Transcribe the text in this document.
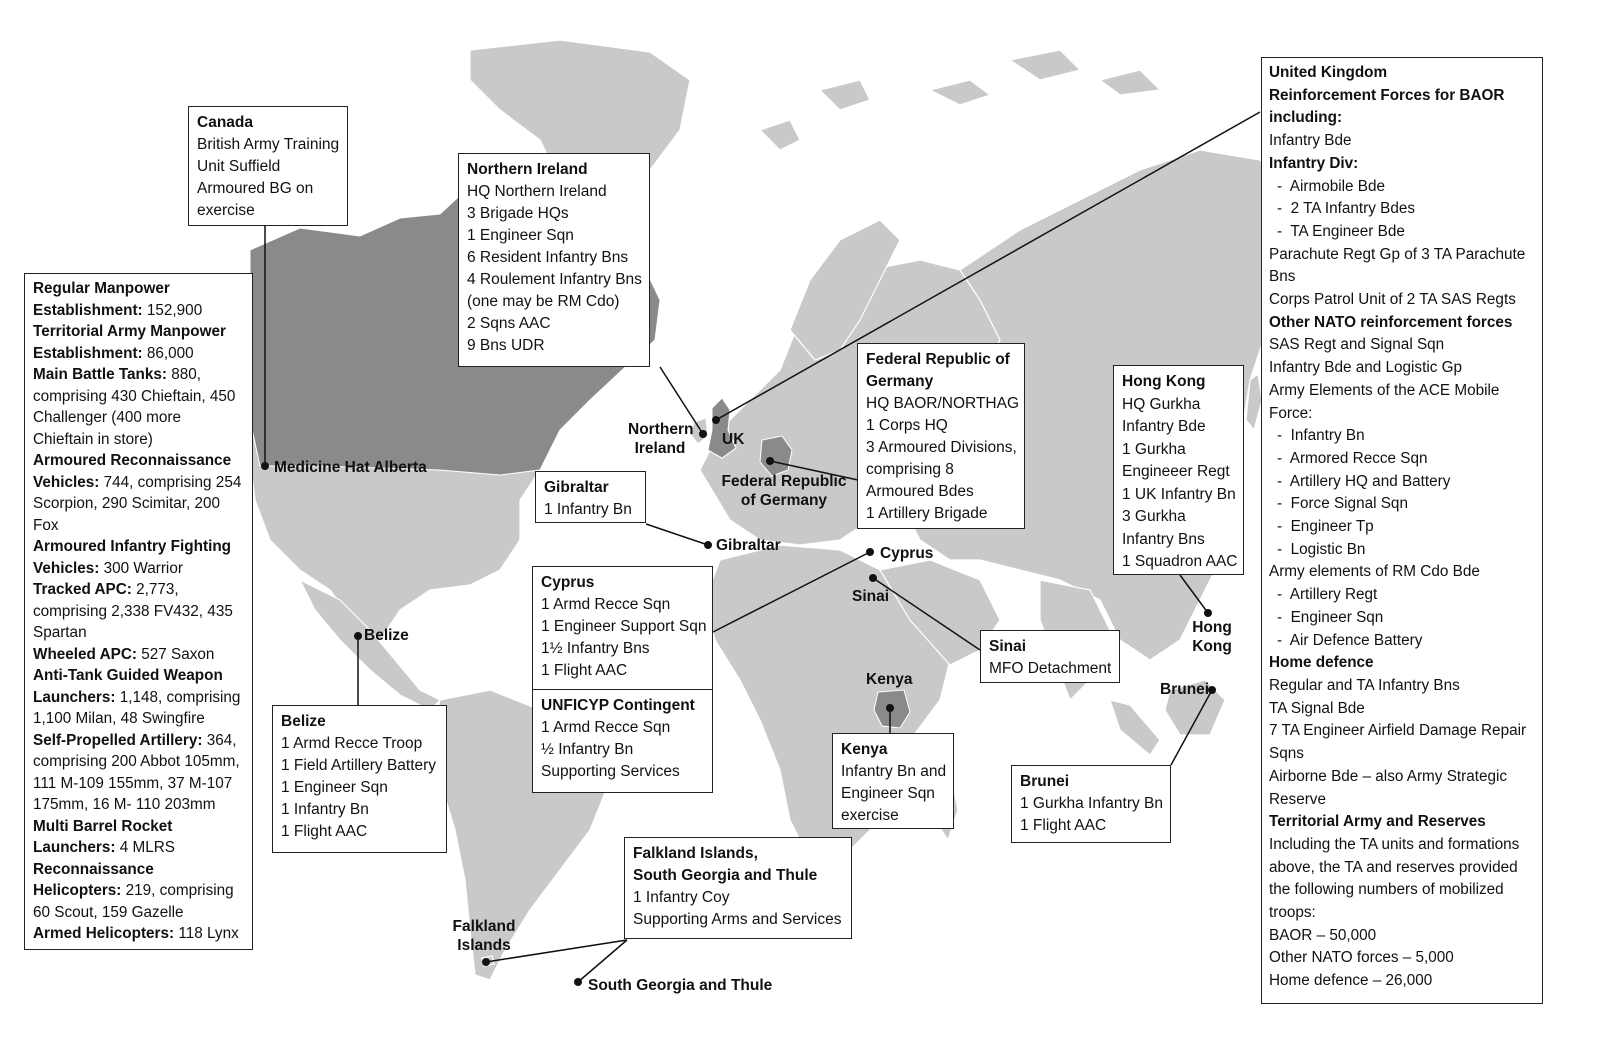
Medicine Hat Alberta
Belize
Northern Ireland
UK
Federal Republic of Germany
Gibraltar	Cyprus
Sinai
Kenya
Hong Kong
Brunei
Falkland Islands
South Georgia and Thule
Regular Manpower Establishment: 152,900
Territorial Army Manpower Establishment: 86,000
Main Battle Tanks: 880, comprising 430 Chieftain, 450 Challenger (400 more Chieftain in store)
Armoured Reconnaissance Vehicles: 744, comprising 254 Scorpion, 290 Scimitar, 200 Fox
Armoured Infantry Fighting Vehicles: 300 Warrior
Tracked APC: 2,773, comprising 2,338 FV432, 435 Spartan
Wheeled APC: 527 Saxon
Anti-Tank Guided Weapon Launchers: 1,148, comprising 1,100 Milan, 48 Swingfire
Self-Propelled Artillery: 364, comprising 200 Abbot 105mm, 111 M-109 155mm, 37 M-107 175mm, 16 M- 110 203mm
Multi Barrel Rocket Launchers: 4 MLRS
Reconnaissance Helicopters: 219, comprising 60 Scout, 159 Gazelle
Armed Helicopters: 118 Lynx
Canada
British Army Training
Unit Suffield
Armoured BG on
exercise
Northern Ireland
HQ Northern Ireland
3 Brigade HQs
1 Engineer Sqn
6 Resident Infantry Bns
4 Roulement Infantry Bns
(one may be RM Cdo)
2 Sqns AAC
9 Bns UDR
Federal Republic of
Germany
HQ BAOR/NORTHAG
1 Corps HQ
3 Armoured Divisions,
comprising 8
Armoured Bdes
1 Artillery Brigade
Gibraltar
1 Infantry Bn
Cyprus
1 Armd Recce Sqn
1 Engineer Support Sqn
1½ Infantry Bns
1 Flight AAC
UNFICYP Contingent
1 Armd Recce Sqn
½ Infantry Bn
Supporting Services
Sinai
MFO Detachment
Kenya
Infantry Bn and
Engineer Sqn
exercise
Belize
1 Armd Recce Troop
1 Field Artillery Battery
1 Engineer Sqn
1 Infantry Bn
1 Flight AAC
Falkland Islands,
South Georgia and Thule
1 Infantry Coy
Supporting Arms and Services
Hong Kong
HQ Gurkha
Infantry Bde
1 Gurkha
Engineeer Regt
1 UK Infantry Bn
3 Gurkha
Infantry Bns
1 Squadron AAC
Brunei
1 Gurkha Infantry Bn
1 Flight AAC
United Kingdom
Reinforcement Forces for BAOR
including:
Infantry Bde
Infantry Div:
- Airmobile Bde
- 2 TA Infantry Bdes
- TA Engineer Bde
Parachute Regt Gp of 3 TA Parachute
Bns
Corps Patrol Unit of 2 TA SAS Regts
Other NATO reinforcement forces
SAS Regt and Signal Sqn
Infantry Bde and Logistic Gp
Army Elements of the ACE Mobile
Force:
- Infantry Bn
- Armored Recce Sqn
- Artillery HQ and Battery
- Force Signal Sqn
- Engineer Tp
- Logistic Bn
Army elements of RM Cdo Bde
- Artillery Regt
- Engineer Sqn
- Air Defence Battery
Home defence
Regular and TA Infantry Bns
TA Signal Bde
7 TA Engineer Airfield Damage Repair
Sqns
Airborne Bde – also Army Strategic
Reserve
Territorial Army and Reserves
Including the TA units and formations
above, the TA and reserves provided
the following numbers of mobilized
troops:
BAOR – 50,000
Other NATO forces – 5,000
Home defence – 26,000
